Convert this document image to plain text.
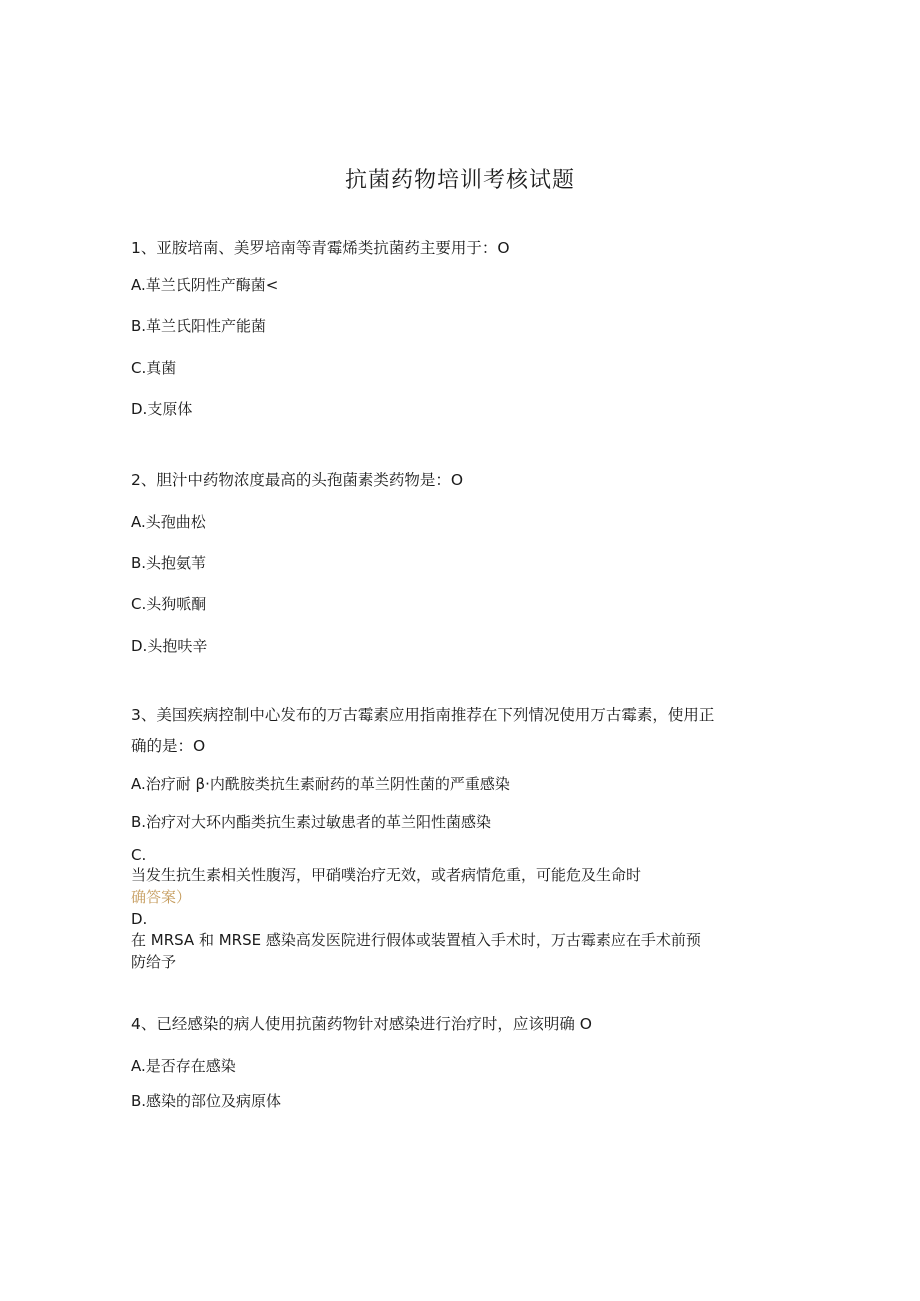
抗菌药物培训考核试题
1、亚胺培南、美罗培南等青霉烯类抗菌药主要用于：O
A.革兰氏阴性产酶菌<
B.革兰氏阳性产能菌
C.真菌
D.支原体
2、胆汁中药物浓度最高的头孢菌素类药物是：O
A.头孢曲松
B.头抱氨苇
C.头狗哌酮
D.头抱呋辛
3、美国疾病控制中心发布的万古霉素应用指南推荐在下列情况使用万古霉素，使用正
确的是：O
A.治疗耐 β·内酰胺类抗生素耐药的革兰阴性菌的严重感染
B.治疗对大环内酯类抗生素过敏患者的革兰阳性菌感染
C.
当发生抗生素相关性腹泻，甲硝噗治疗无效，或者病情危重，可能危及生命时
确答案）
D.
在 MRSA 和 MRSE 感染高发医院进行假体或装置植入手术时，万古霉素应在手术前预
防给予
4、已经感染的病人使用抗菌药物针对感染进行治疗时，应该明确 O
A.是否存在感染
B.感染的部位及病原体
